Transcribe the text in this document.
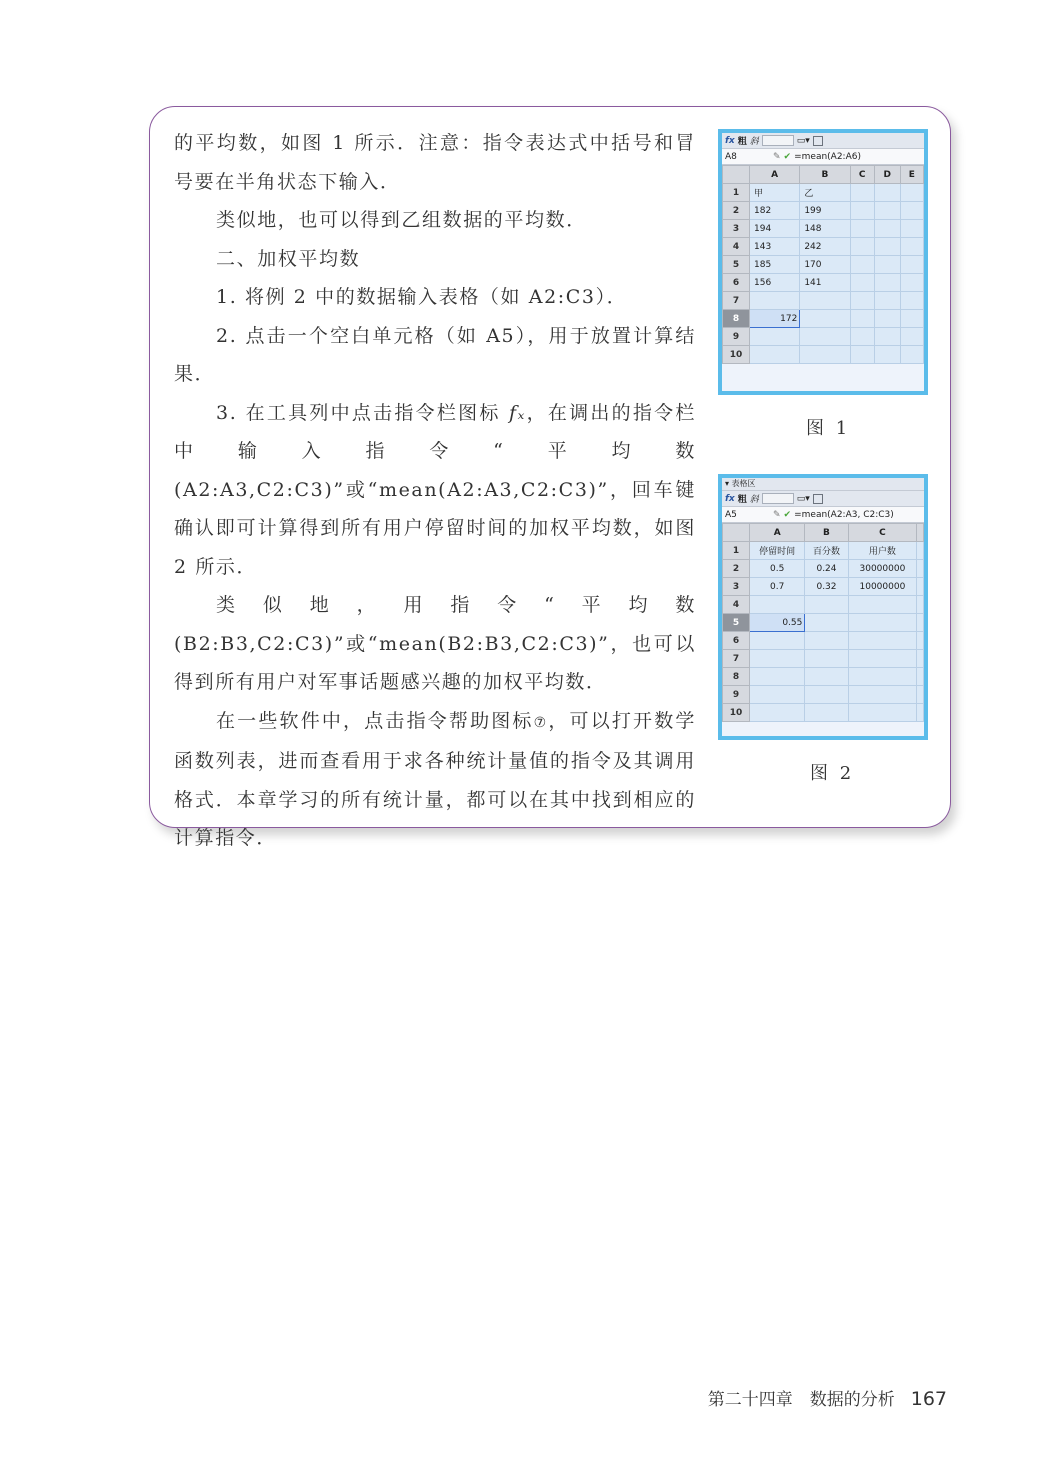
的平均数，如图 1 所示．注意：指令表达式中括号和冒号要在半角状态下输入．

类似地，也可以得到乙组数据的平均数．

二、加权平均数

1. 将例 2 中的数据输入表格（如 A2:C3）．

2. 点击一个空白单元格（如 A5），用于放置计算结果．

3. 在工具列中点击指令栏图标 fₓ，在调出的指令栏中输入指令“平均数(A2:A3,C2:C3)”或“mean(A2:A3,C2:C3)”，回车键确认即可计算得到所有用户停留时间的加权平均数，如图 2 所示．

类似地，用指令“平均数(B2:B3,C2:C3)”或“mean(B2:B3,C2:C3)”，也可以得到所有用户对军事话题感兴趣的加权平均数．

在一些软件中，点击指令帮助图标⑦，可以打开数学函数列表，进而查看用于求各种统计量值的指令及其调用格式．本章学习的所有统计量，都可以在其中找到相应的计算指令．

fx 粗 斜	▭▾
A8	✎ ✔ =mean(A2:A6)
	A	B	C	D	E
1	甲	乙			
2	182	199			
3	194	148			
4	143	242			
5	185	170			
6	156	141			
7					
8	172				
9					
10					
图 1
▾ 表格区
fx 粗 斜	▭▾
A5	✎ ✔ =mean(A2:A3, C2:C3)
	A	B	C	
1	停留时间	百分数	用户数	
2	0.5	0.24	30000000	
3	0.7	0.32	10000000	
4				
5	0.55			
6				
7				
8				
9				
10				
图 2
第二十四章　数据的分析 167
